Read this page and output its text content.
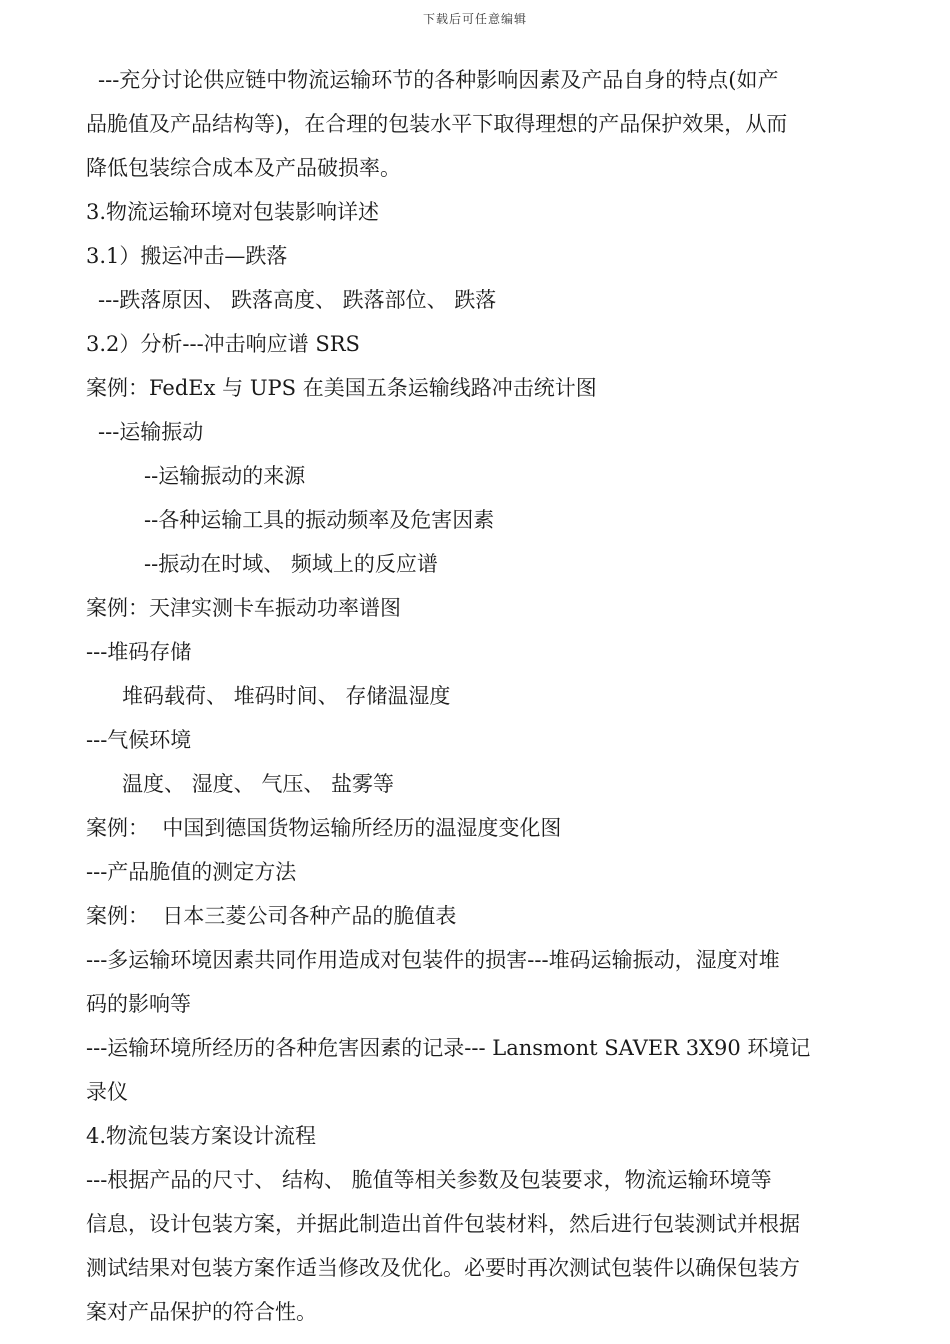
下载后可任意编辑

---充分讨论供应链中物流运输环节的各种影响因素及产品自身的特点(如产

品脆值及产品结构等)，在合理的包装水平下取得理想的产品保护效果，从而

降低包装综合成本及产品破损率。

3.物流运输环境对包装影响详述

3.1）搬运冲击—跌落

---跌落原因、 跌落高度、 跌落部位、 跌落

3.2）分析---冲击响应谱 SRS

案例：FedEx 与 UPS 在美国五条运输线路冲击统计图

---运输振动

--运输振动的来源

--各种运输工具的振动频率及危害因素

--振动在时域、 频域上的反应谱

案例：天津实测卡车振动功率谱图

---堆码存储

堆码载荷、 堆码时间、 存储温湿度

---气候环境

温度、 湿度、 气压、 盐雾等

案例：  中国到德国货物运输所经历的温湿度变化图

---产品脆值的测定方法

案例：  日本三菱公司各种产品的脆值表

---多运输环境因素共同作用造成对包装件的损害---堆码运输振动，湿度对堆

码的影响等

---运输环境所经历的各种危害因素的记录--- Lansmont SAVER 3X90 环境记

录仪

4.物流包装方案设计流程

---根据产品的尺寸、 结构、 脆值等相关参数及包装要求，物流运输环境等

信息，设计包装方案，并据此制造出首件包装材料，然后进行包装测试并根据

测试结果对包装方案作适当修改及优化。必要时再次测试包装件以确保包装方

案对产品保护的符合性。
